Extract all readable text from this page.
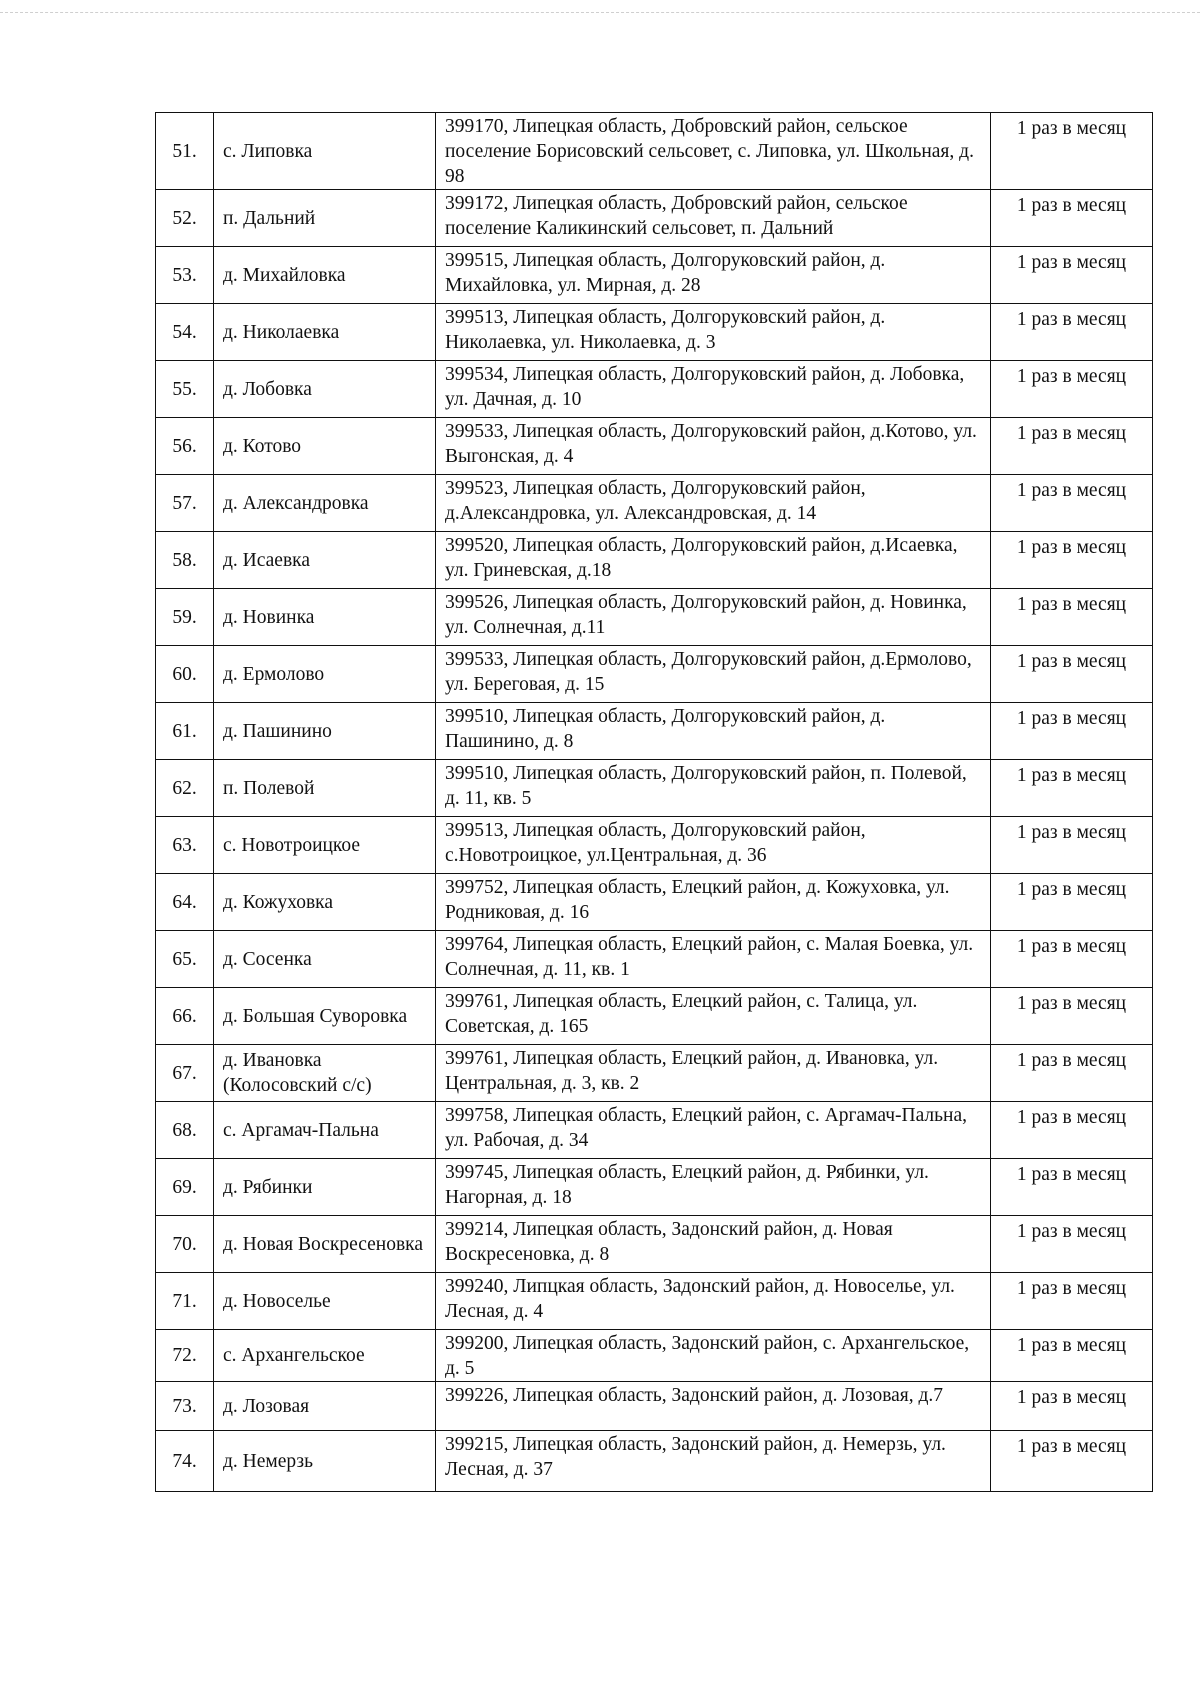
51.	с. Липовка	399170, Липецкая область, Добровский район, сельское поселение Борисовский сельсовет, с. Липовка, ул. Школьная, д. 98	1 раз в месяц
52.	п. Дальний	399172, Липецкая область, Добровский район, сельское поселение Каликинский сельсовет, п. Дальний	1 раз в месяц
53.	д. Михайловка	399515, Липецкая область, Долгоруковский район, д. Михайловка, ул. Мирная, д. 28	1 раз в месяц
54.	д. Николаевка	399513, Липецкая область, Долгоруковский район, д. Николаевка, ул. Николаевка, д. 3	1 раз в месяц
55.	д. Лобовка	399534, Липецкая область, Долгоруковский район, д. Лобовка, ул. Дачная, д. 10	1 раз в месяц
56.	д. Котово	399533, Липецкая область, Долгоруковский район, д.Котово, ул. Выгонская, д. 4	1 раз в месяц
57.	д. Александровка	399523, Липецкая область, Долгоруковский район, д.Александровка, ул. Александровская, д. 14	1 раз в месяц
58.	д. Исаевка	399520, Липецкая область, Долгоруковский район, д.Исаевка, ул. Гриневская, д.18	1 раз в месяц
59.	д. Новинка	399526, Липецкая область, Долгоруковский район, д. Новинка, ул. Солнечная, д.11	1 раз в месяц
60.	д. Ермолово	399533, Липецкая область, Долгоруковский район, д.Ермолово, ул. Береговая, д. 15	1 раз в месяц
61.	д. Пашинино	399510, Липецкая область, Долгоруковский район, д. Пашинино, д. 8	1 раз в месяц
62.	п. Полевой	399510, Липецкая область, Долгоруковский район, п. Полевой, д. 11, кв. 5	1 раз в месяц
63.	с. Новотроицкое	399513, Липецкая область, Долгоруковский район, с.Новотроицкое, ул.Центральная, д. 36	1 раз в месяц
64.	д. Кожуховка	399752, Липецкая область, Елецкий район, д. Кожуховка, ул. Родниковая, д. 16	1 раз в месяц
65.	д. Сосенка	399764, Липецкая область, Елецкий район, с. Малая Боевка, ул. Солнечная, д. 11, кв. 1	1 раз в месяц
66.	д. Большая Суворовка	399761, Липецкая область, Елецкий район, с. Талица, ул. Советская, д. 165	1 раз в месяц
67.	д. Ивановка (Колосовский с/с)	399761, Липецкая область, Елецкий район, д. Ивановка, ул. Центральная, д. 3, кв. 2	1 раз в месяц
68.	с. Аргамач-Пальна	399758, Липецкая область, Елецкий район, с. Аргамач-Пальна, ул. Рабочая, д. 34	1 раз в месяц
69.	д. Рябинки	399745, Липецкая область, Елецкий район, д. Рябинки, ул. Нагорная, д. 18	1 раз в месяц
70.	д. Новая Воскресеновка	399214, Липецкая область, Задонский район, д. Новая Воскресеновка, д. 8	1 раз в месяц
71.	д. Новоселье	399240, Липцкая область, Задонский район, д. Новоселье, ул. Лесная, д. 4	1 раз в месяц
72.	с. Архангельское	399200, Липецкая область, Задонский район, с. Архангельское, д. 5	1 раз в месяц
73.	д. Лозовая	399226, Липецкая область, Задонский район, д. Лозовая, д.7	1 раз в месяц
74.	д. Немерзь	399215, Липецкая область, Задонский район, д. Немерзь, ул. Лесная, д. 37	1 раз в месяц
